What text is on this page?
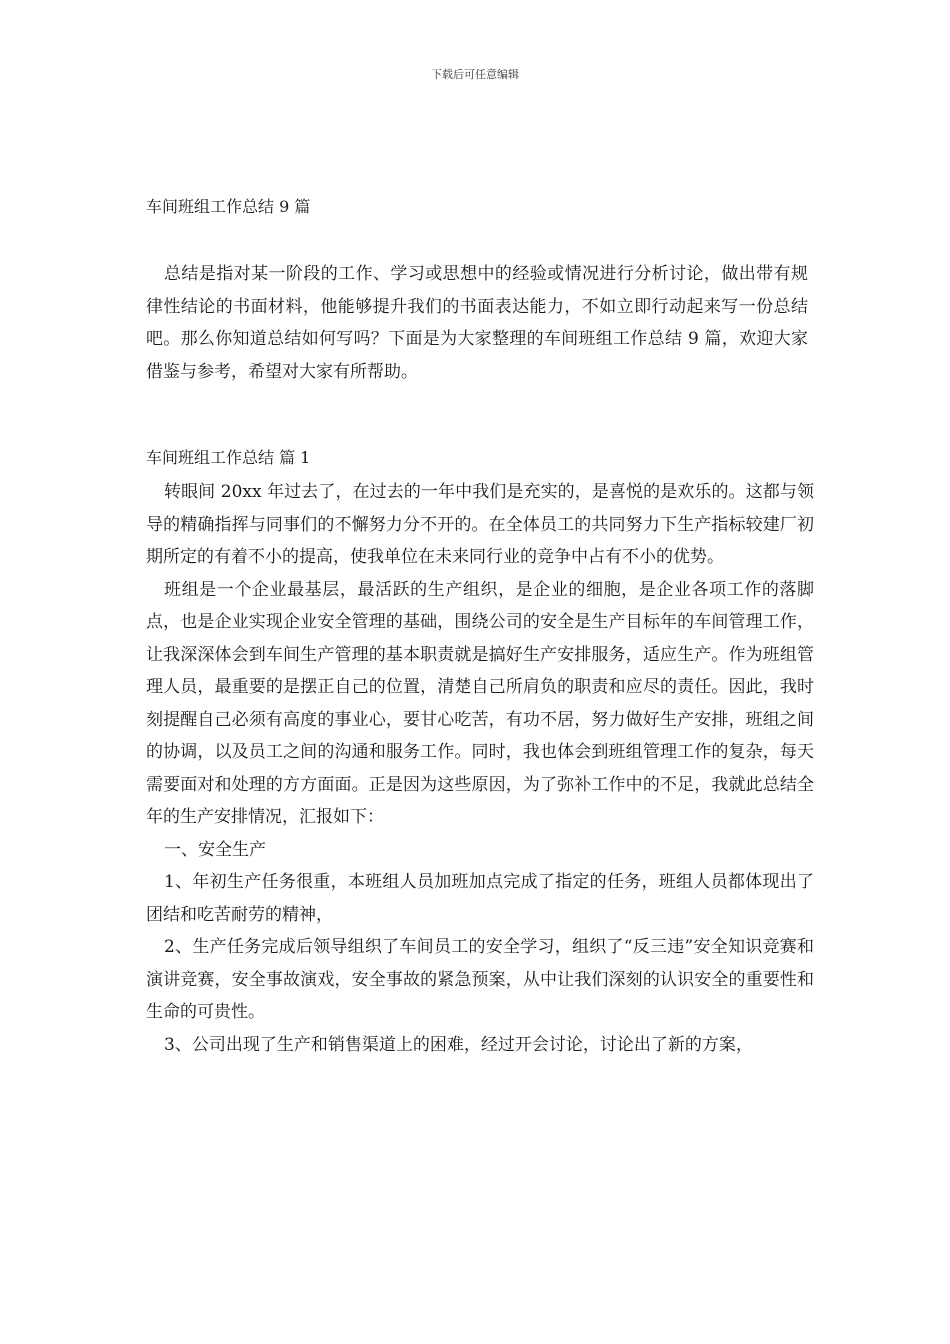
下载后可任意编辑
车间班组工作总结 9 篇
总结是指对某一阶段的工作、学习或思想中的经验或情况进行分析讨论，做出带有规律性结论的书面材料，他能够提升我们的书面表达能力，不如立即行动起来写一份总结吧。那么你知道总结如何写吗？下面是为大家整理的车间班组工作总结 9 篇，欢迎大家借鉴与参考，希望对大家有所帮助。
车间班组工作总结 篇 1

转眼间 20xx 年过去了，在过去的一年中我们是充实的，是喜悦的是欢乐的。这都与领导的精确指挥与同事们的不懈努力分不开的。在全体员工的共同努力下生产指标较建厂初期所定的有着不小的提高，使我单位在未来同行业的竞争中占有不小的优势。

班组是一个企业最基层，最活跃的生产组织，是企业的细胞，是企业各项工作的落脚点，也是企业实现企业安全管理的基础，围绕公司的安全是生产目标年的车间管理工作，让我深深体会到车间生产管理的基本职责就是搞好生产安排服务，适应生产。作为班组管理人员，最重要的是摆正自己的位置，清楚自己所肩负的职责和应尽的责任。因此，我时刻提醒自己必须有高度的事业心，要甘心吃苦，有功不居，努力做好生产安排，班组之间的协调，以及员工之间的沟通和服务工作。同时，我也体会到班组管理工作的复杂，每天需要面对和处理的方方面面。正是因为这些原因，为了弥补工作中的不足，我就此总结全年的生产安排情况，汇报如下：

一、安全生产

1、年初生产任务很重，本班组人员加班加点完成了指定的任务，班组人员都体现出了团结和吃苦耐劳的精神，

2、生产任务完成后领导组织了车间员工的安全学习，组织了“反三违”安全知识竞赛和演讲竞赛，安全事故演戏，安全事故的紧急预案，从中让我们深刻的认识安全的重要性和生命的可贵性。

3、公司出现了生产和销售渠道上的困难，经过开会讨论，讨论出了新的方案，
